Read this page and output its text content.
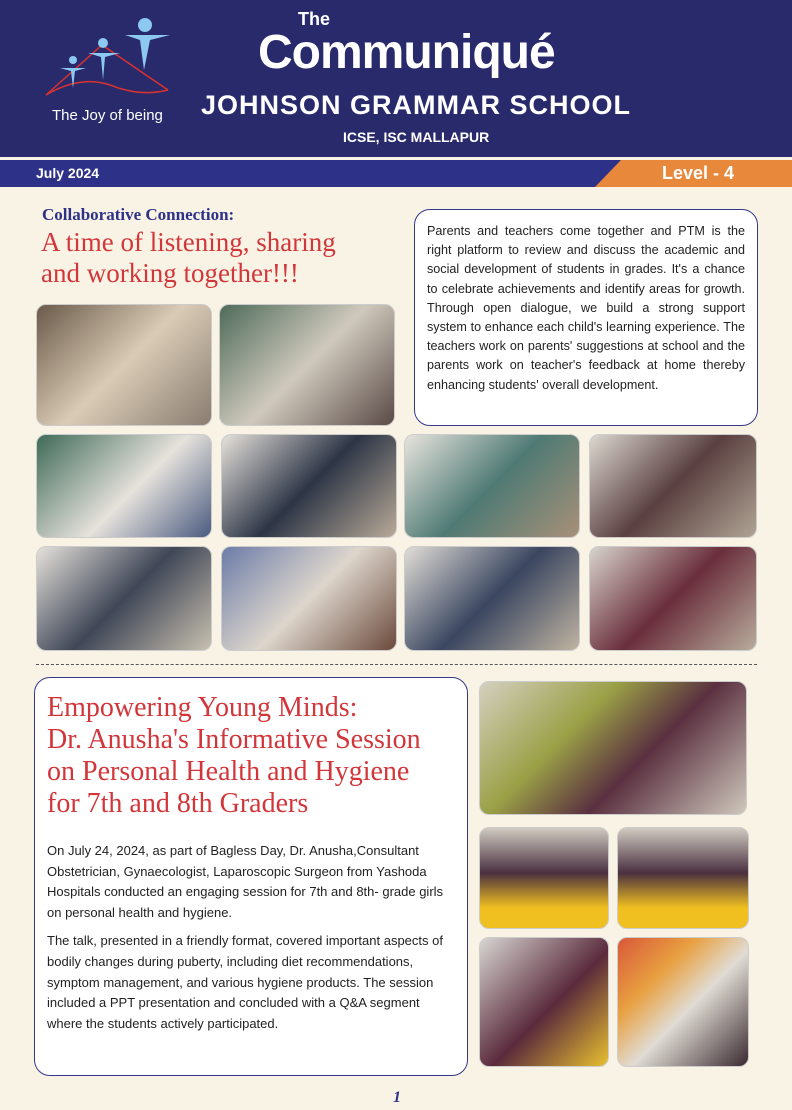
The Joy of being
The
Communiqué
JOHNSON GRAMMAR SCHOOL
ICSE, ISC MALLAPUR
July 2024	Level - 4
Collaborative Connection:
A time of listening, sharing
and working together!!!

Parents and teachers come together and PTM is the right platform to review and discuss the academic and social development of students in grades. It's a chance to celebrate achievements and identify areas for growth. Through open dialogue, we build a strong support system to enhance each child's learning experience. The teachers work on parents' suggestions at school and the parents work on teacher's feedback at home thereby enhancing students' overall development.

Empowering Young Minds:
Dr. Anusha's Informative Session
on Personal Health and Hygiene
for 7th and 8th Graders

On July 24, 2024, as part of Bagless Day, Dr. Anusha,Consultant Obstetrician, Gynaecologist, Laparoscopic Surgeon from Yashoda Hospitals conducted an engaging session for 7th and 8th- grade girls on personal health and hygiene.

The talk, presented in a friendly format, covered important aspects of bodily changes during puberty, including diet recommendations, symptom management, and various hygiene products. The session included a PPT presentation and concluded with a Q&A segment where the students actively participated.

1
